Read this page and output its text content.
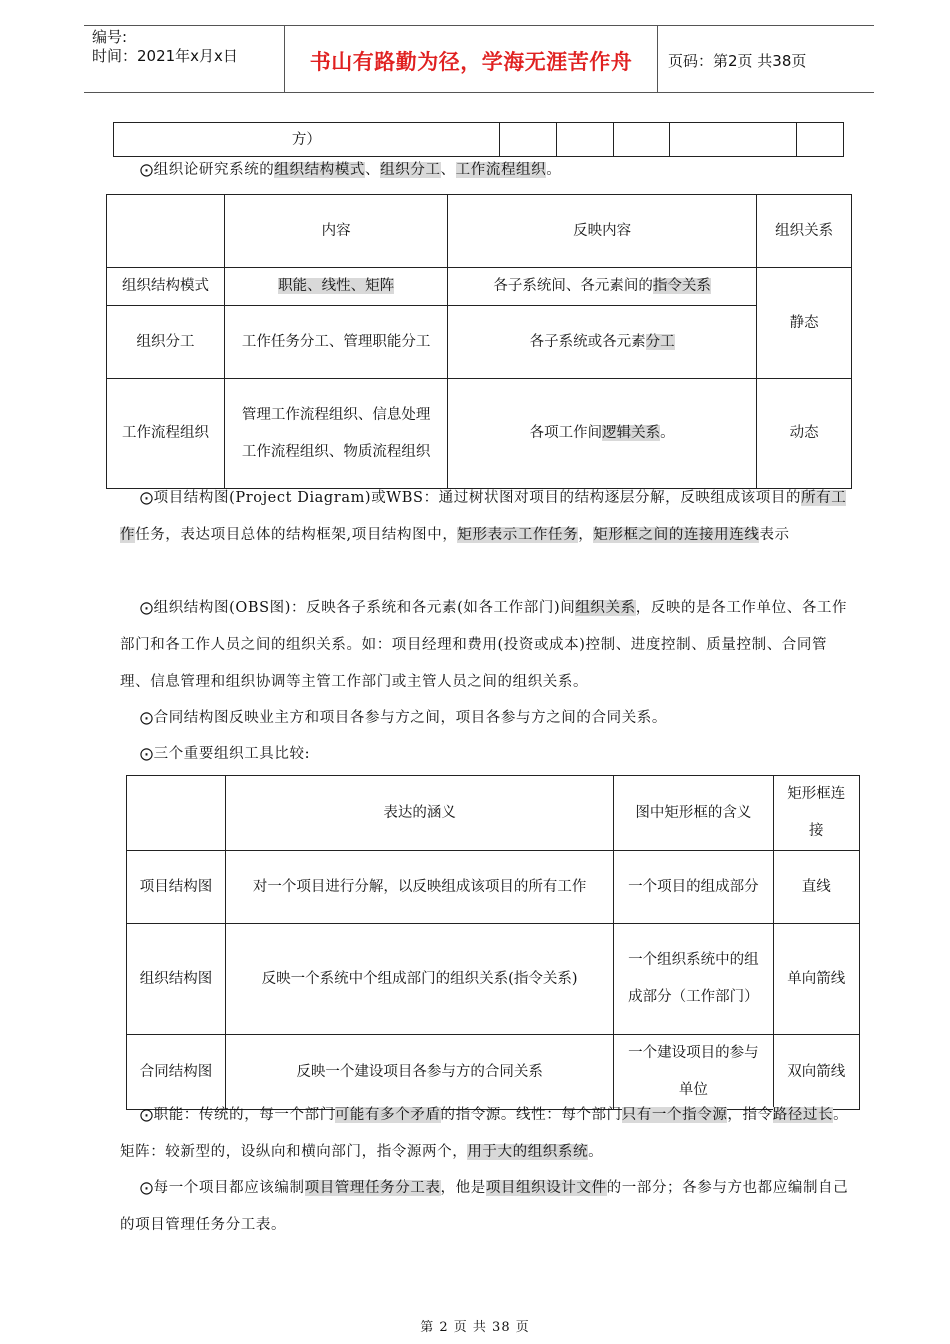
编号:
时间：2021年x月x日	书山有路勤为径，学海无涯苦作舟	页码：第2页 共38页
方）					
⨀组织论研究系统的组织结构模式、组织分工、工作流程组织。
	内容	反映内容	组织关系
组织结构模式	职能、线性、矩阵	各子系统间、各元素间的指令关系	静态
组织分工	工作任务分工、管理职能分工	各子系统或各元素分工	
工作流程组织	管理工作流程组织、信息处理工作流程组织、物质流程组织	各项工作间逻辑关系。	动态
⨀项目结构图(Project Diagram)或WBS：通过树状图对项目的结构逐层分解，反映组成该项目的所有工作任务，表达项目总体的结构框架,项目结构图中，矩形表示工作任务，矩形框之间的连接用连线表示
⨀组织结构图(OBS图)：反映各子系统和各元素(如各工作部门)间组织关系，反映的是各工作单位、各工作部门和各工作人员之间的组织关系。如：项目经理和费用(投资或成本)控制、进度控制、质量控制、合同管理、信息管理和组织协调等主管工作部门或主管人员之间的组织关系。
⨀合同结构图反映业主方和项目各参与方之间，项目各参与方之间的合同关系。
⨀三个重要组织工具比较:
	表达的涵义	图中矩形框的含义	矩形框连接
项目结构图	对一个项目进行分解，以反映组成该项目的所有工作	一个项目的组成部分	直线
组织结构图	反映一个系统中个组成部门的组织关系(指令关系)	一个组织系统中的组成部分（工作部门）	单向箭线
合同结构图	反映一个建设项目各参与方的合同关系	一个建设项目的参与单位	双向箭线
⨀职能：传统的，每一个部门可能有多个矛盾的指令源。线性：每个部门只有一个指令源，指令路径过长。矩阵：较新型的，设纵向和横向部门，指令源两个，用于大的组织系统。
⨀每一个项目都应该编制项目管理任务分工表，他是项目组织设计文件的一部分；各参与方也都应编制自己的项目管理任务分工表。
第 2 页 共 38 页
